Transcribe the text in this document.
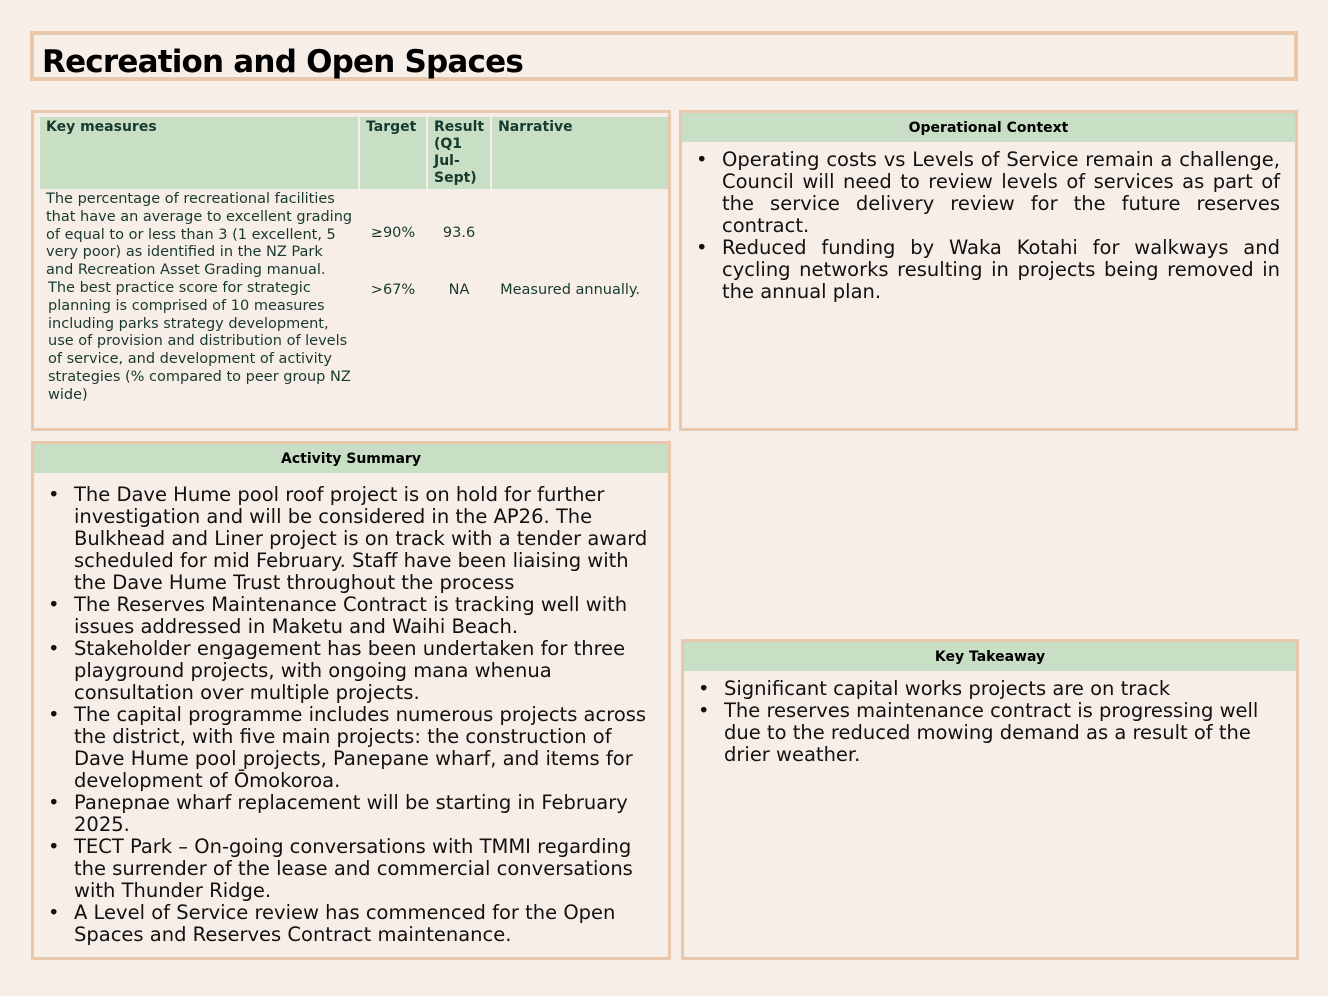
Recreation and Open Spaces
Key measures	Target	Result (Q1 Jul-Sept)	Narrative
The percentage of recreational facilities that have an average to excellent grading of equal to or less than 3 (1 excellent, 5 very poor) as identified in the NZ Park and Recreation Asset Grading manual.	≥90%	93.6	
The best practice score for strategic planning is comprised of 10 measures including parks strategy development, use of provision and distribution of levels of service, and development of activity strategies (% compared to peer group NZ wide)	>67%	NA	Measured annually.
Operational Context
• Operating costs vs Levels of Service remain a challenge, Council will need to review levels of services as part of the service delivery review for the future reserves contract.
• Reduced funding by Waka Kotahi for walkways and cycling networks resulting in projects being removed in the annual plan.
Activity Summary
• The Dave Hume pool roof project is on hold for further investigation and will be considered in the AP26. The Bulkhead and Liner project is on track with a tender award scheduled for mid February. Staff have been liaising with the Dave Hume Trust throughout the process
• The Reserves Maintenance Contract is tracking well with issues addressed in Maketu and Waihi Beach.
• Stakeholder engagement has been undertaken for three playground projects, with ongoing mana whenua consultation over multiple projects.
• The capital programme includes numerous projects across the district, with five main projects: the construction of Dave Hume pool projects, Panepane wharf, and items for development of Ōmokoroa.
• Panepnae wharf replacement will be starting in February 2025.
• TECT Park – On-going conversations with TMMI regarding the surrender of the lease and commercial conversations with Thunder Ridge.
• A Level of Service review has commenced for the Open Spaces and Reserves Contract maintenance.
Key Takeaway
• Significant capital works projects are on track
• The reserves maintenance contract is progressing well due to the reduced mowing demand as a result of the drier weather.
